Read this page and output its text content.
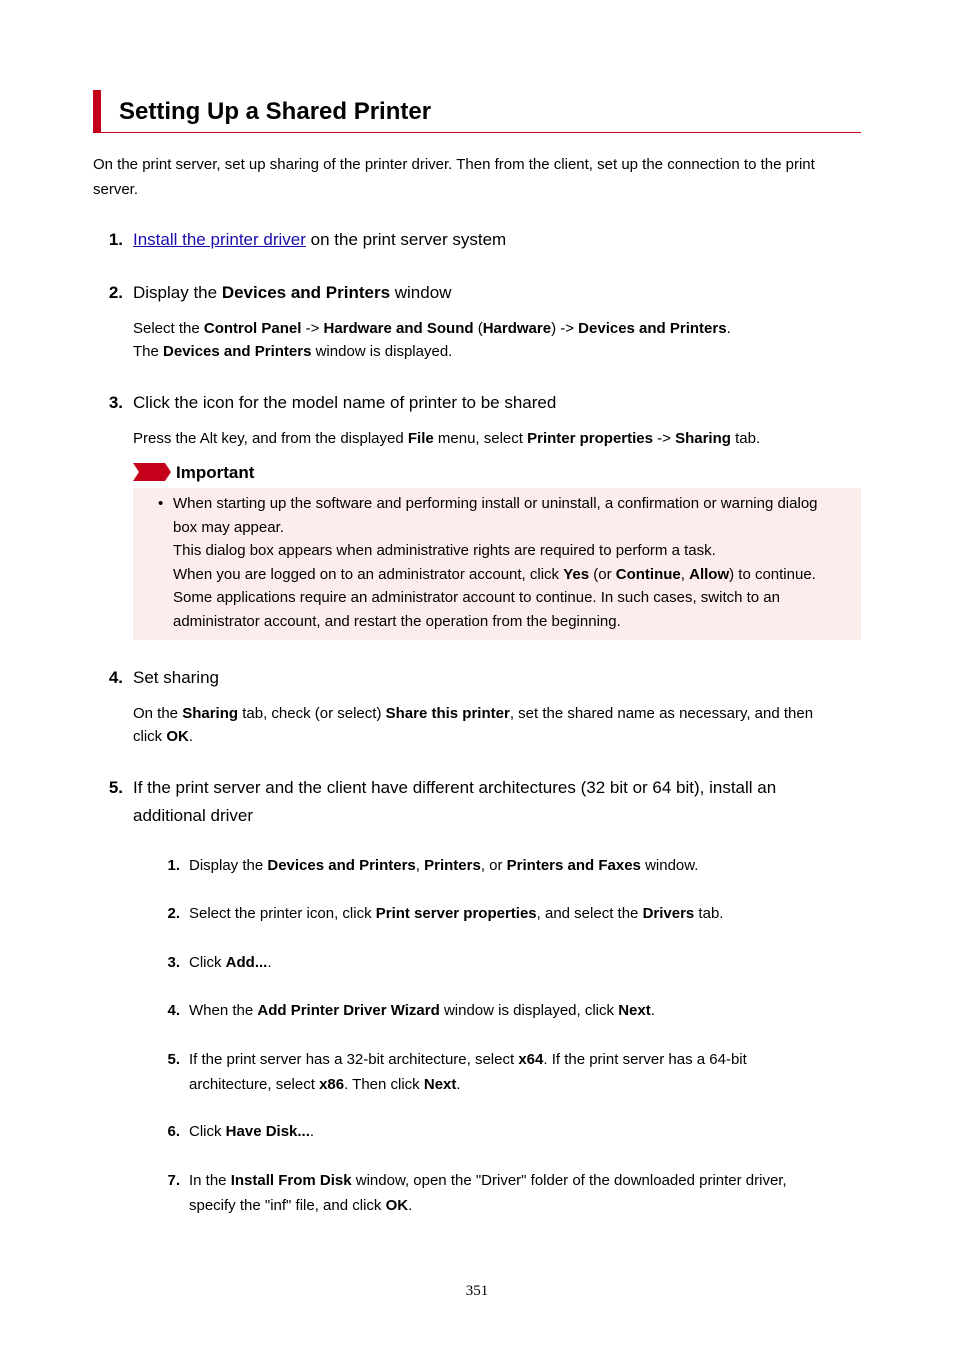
Setting Up a Shared Printer
On the print server, set up sharing of the printer driver. Then from the client, set up the connection to the print server.
1. Install the printer driver on the print server system
2. Display the Devices and Printers window
Select the Control Panel -> Hardware and Sound (Hardware) -> Devices and Printers.
The Devices and Printers window is displayed.
3. Click the icon for the model name of printer to be shared
Press the Alt key, and from the displayed File menu, select Printer properties -> Sharing tab.
Important
• When starting up the software and performing install or uninstall, a confirmation or warning dialog
box may appear.
This dialog box appears when administrative rights are required to perform a task.
When you are logged on to an administrator account, click Yes (or Continue, Allow) to continue.
Some applications require an administrator account to continue. In such cases, switch to an
administrator account, and restart the operation from the beginning.
4. Set sharing
On the Sharing tab, check (or select) Share this printer, set the shared name as necessary, and then
click OK.
5. If the print server and the client have different architectures (32 bit or 64 bit), install an
additional driver
1. Display the Devices and Printers, Printers, or Printers and Faxes window.
2. Select the printer icon, click Print server properties, and select the Drivers tab.
3. Click Add....
4. When the Add Printer Driver Wizard window is displayed, click Next.
5. If the print server has a 32-bit architecture, select x64. If the print server has a 64-bit
architecture, select x86. Then click Next.
6. Click Have Disk....
7. In the Install From Disk window, open the "Driver" folder of the downloaded printer driver,
specify the "inf" file, and click OK.
351
